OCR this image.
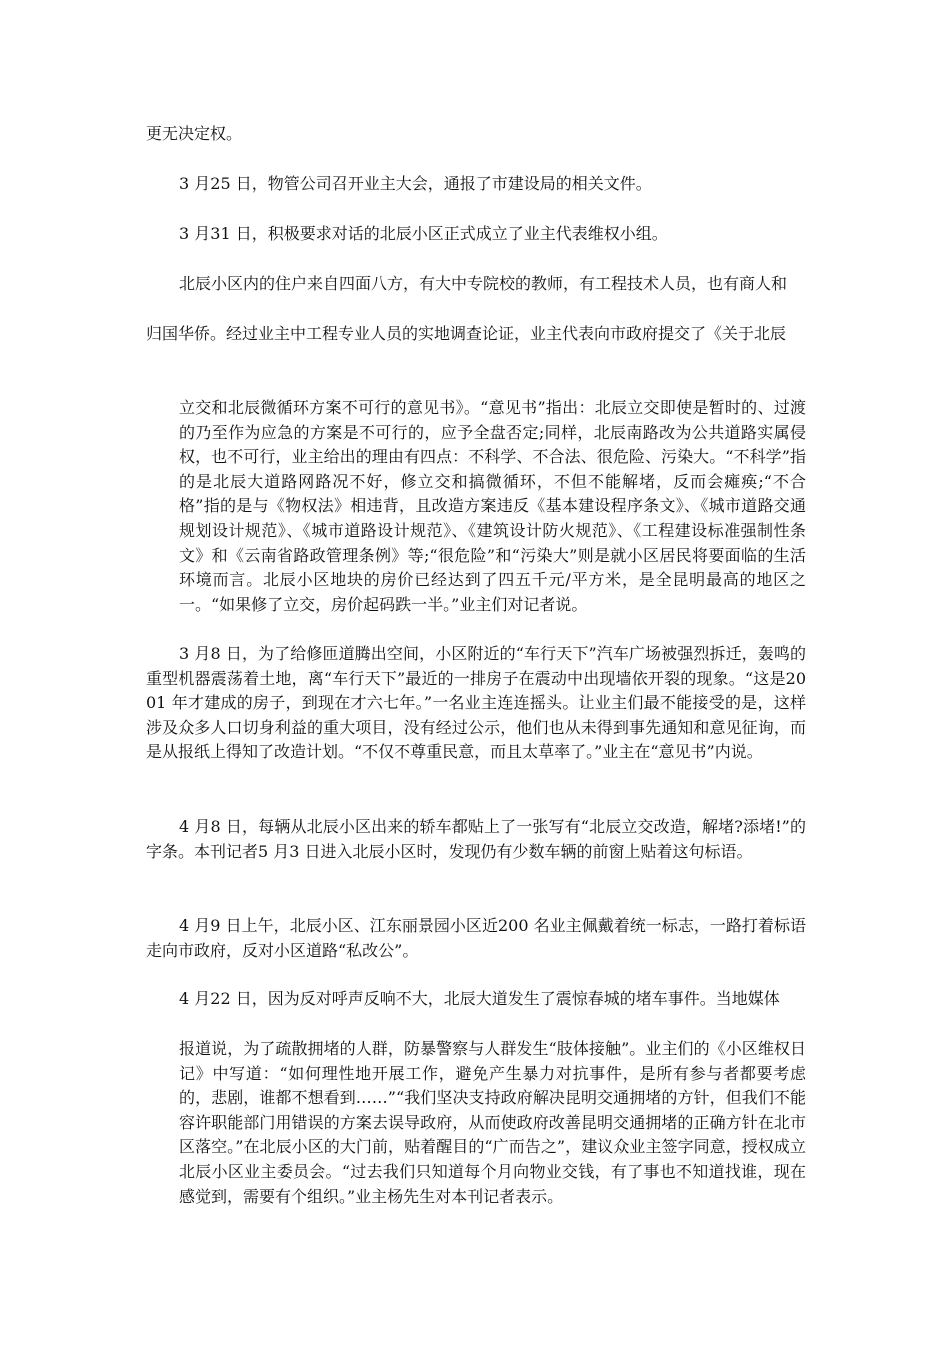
更无决定权。

3 月25 日，物管公司召开业主大会，通报了市建设局的相关文件。

3 月31 日，积极要求对话的北辰小区正式成立了业主代表维权小组。

北辰小区内的住户来自四面八方，有大中专院校的教师，有工程技术人员，也有商人和

归国华侨。经过业主中工程专业人员的实地调查论证，业主代表向市政府提交了《关于北辰

立交和北辰微循环方案不可行的意见书》。“意见书”指出：北辰立交即使是暂时的、过渡的乃至作为应急的方案是不可行的，应予全盘否定;同样，北辰南路改为公共道路实属侵权，也不可行，业主给出的理由有四点：不科学、不合法、很危险、污染大。“不科学”指的是北辰大道路网路况不好，修立交和搞微循环，不但不能解堵，反而会瘫痪;“不合格”指的是与《物权法》相违背，且改造方案违反《基本建设程序条文》、《城市道路交通规划设计规范》、《城市道路设计规范》、《建筑设计防火规范》、《工程建设标准强制性条文》和《云南省路政管理条例》等;“很危险”和“污染大”则是就小区居民将要面临的生活环境而言。北辰小区地块的房价已经达到了四五千元/平方米，是全昆明最高的地区之一。“如果修了立交，房价起码跌一半。”业主们对记者说。

3 月8 日，为了给修匝道腾出空间，小区附近的“车行天下”汽车广场被强烈拆迁，轰鸣的重型机器震荡着土地，离“车行天下”最近的一排房子在震动中出现墙依开裂的现象。“这是2001 年才建成的房子，到现在才六七年。”一名业主连连摇头。让业主们最不能接受的是，这样涉及众多人口切身利益的重大项目，没有经过公示，他们也从未得到事先通知和意见征询，而是从报纸上得知了改造计划。“不仅不尊重民意，而且太草率了。”业主在“意见书”内说。

4 月8 日，每辆从北辰小区出来的轿车都贴上了一张写有“北辰立交改造，解堵?添堵!”的字条。本刊记者5 月3 日进入北辰小区时，发现仍有少数车辆的前窗上贴着这句标语。

4 月9 日上午，北辰小区、江东丽景园小区近200 名业主佩戴着统一标志，一路打着标语走向市政府，反对小区道路“私改公”。

4 月22 日，因为反对呼声反响不大，北辰大道发生了震惊春城的堵车事件。当地媒体

报道说，为了疏散拥堵的人群，防暴警察与人群发生“肢体接触”。业主们的《小区维权日记》中写道：“如何理性地开展工作，避免产生暴力对抗事件，是所有参与者都要考虑的，悲剧，谁都不想看到……”“我们坚决支持政府解决昆明交通拥堵的方针，但我们不能容许职能部门用错误的方案去误导政府，从而使政府改善昆明交通拥堵的正确方针在北市区落空。”在北辰小区的大门前，贴着醒目的“广而告之”，建议众业主签字同意，授权成立北辰小区业主委员会。“过去我们只知道每个月向物业交钱，有了事也不知道找谁，现在感觉到，需要有个组织。”业主杨先生对本刊记者表示。
